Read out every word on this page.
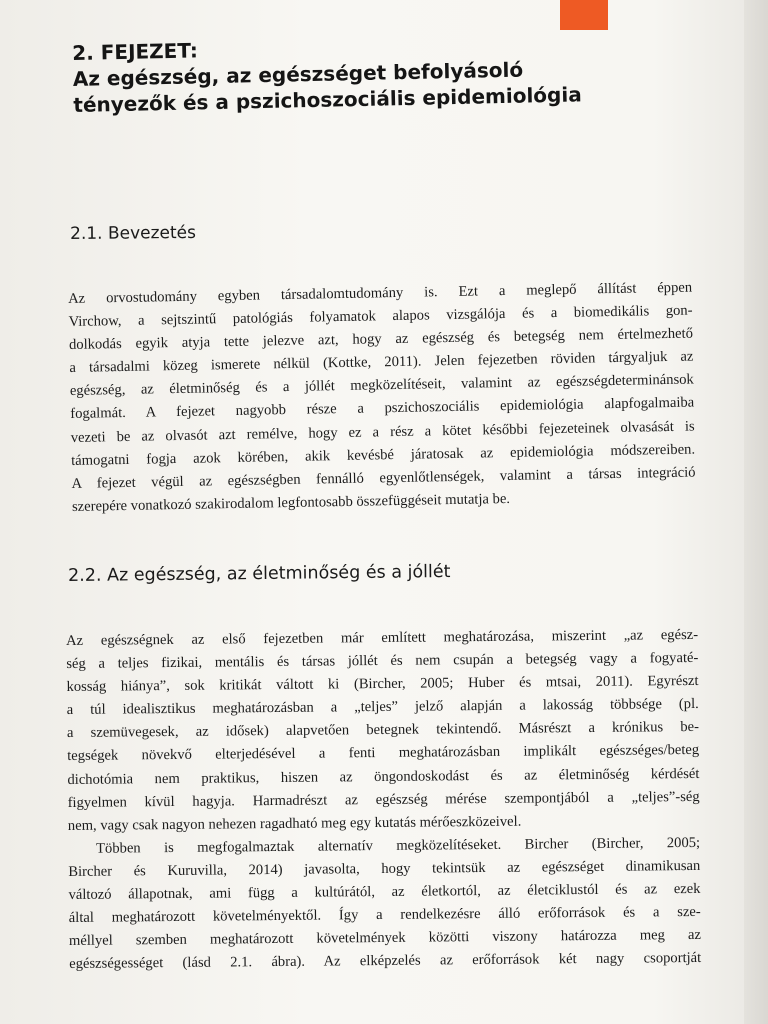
2. FEJEZET:
Az egészség, az egészséget befolyásoló
tényezők és a pszichoszociális epidemiológia
2.1. Bevezetés
Az orvostudomány egyben társadalomtudomány is. Ezt a meglepő állítást éppen
Virchow, a sejtszintű patológiás folyamatok alapos vizsgálója és a biomedikális gon-
dolkodás egyik atyja tette jelezve azt, hogy az egészség és betegség nem értelmezhető
a társadalmi közeg ismerete nélkül (Kottke, 2011). Jelen fejezetben röviden tárgyaljuk az
egészség, az életminőség és a jóllét megközelítéseit, valamint az egészségdeterminánsok
fogalmát. A fejezet nagyobb része a pszichoszociális epidemiológia alapfogalmaiba
vezeti be az olvasót azt remélve, hogy ez a rész a kötet későbbi fejezeteinek olvasását is
támogatni fogja azok körében, akik kevésbé járatosak az epidemiológia módszereiben.
A fejezet végül az egészségben fennálló egyenlőtlenségek, valamint a társas integráció
szerepére vonatkozó szakirodalom legfontosabb összefüggéseit mutatja be.
2.2. Az egészség, az életminőség és a jóllét
Az egészségnek az első fejezetben már említett meghatározása, miszerint „az egész-
ség a teljes fizikai, mentális és társas jóllét és nem csupán a betegség vagy a fogyaté-
kosság hiánya”, sok kritikát váltott ki (Bircher, 2005; Huber és mtsai, 2011). Egyrészt
a túl idealisztikus meghatározásban a „teljes” jelző alapján a lakosság többsége (pl.
a szemüvegesek, az idősek) alapvetően betegnek tekintendő. Másrészt a krónikus be-
tegségek növekvő elterjedésével a fenti meghatározásban implikált egészséges/beteg
dichotómia nem praktikus, hiszen az öngondoskodást és az életminőség kérdését
figyelmen kívül hagyja. Harmadrészt az egészség mérése szempontjából a „teljes”-ség
nem, vagy csak nagyon nehezen ragadható meg egy kutatás mérőeszközeivel.
Többen is megfogalmaztak alternatív megközelítéseket. Bircher (Bircher, 2005;
Bircher és Kuruvilla, 2014) javasolta, hogy tekintsük az egészséget dinamikusan
változó állapotnak, ami függ a kultúrától, az életkortól, az életciklustól és az ezek
által meghatározott követelményektől. Így a rendelkezésre álló erőforrások és a sze-
méllyel szemben meghatározott követelmények közötti viszony határozza meg az
egészségességet (lásd 2.1. ábra). Az elképzelés az erőforrások két nagy csoportját
